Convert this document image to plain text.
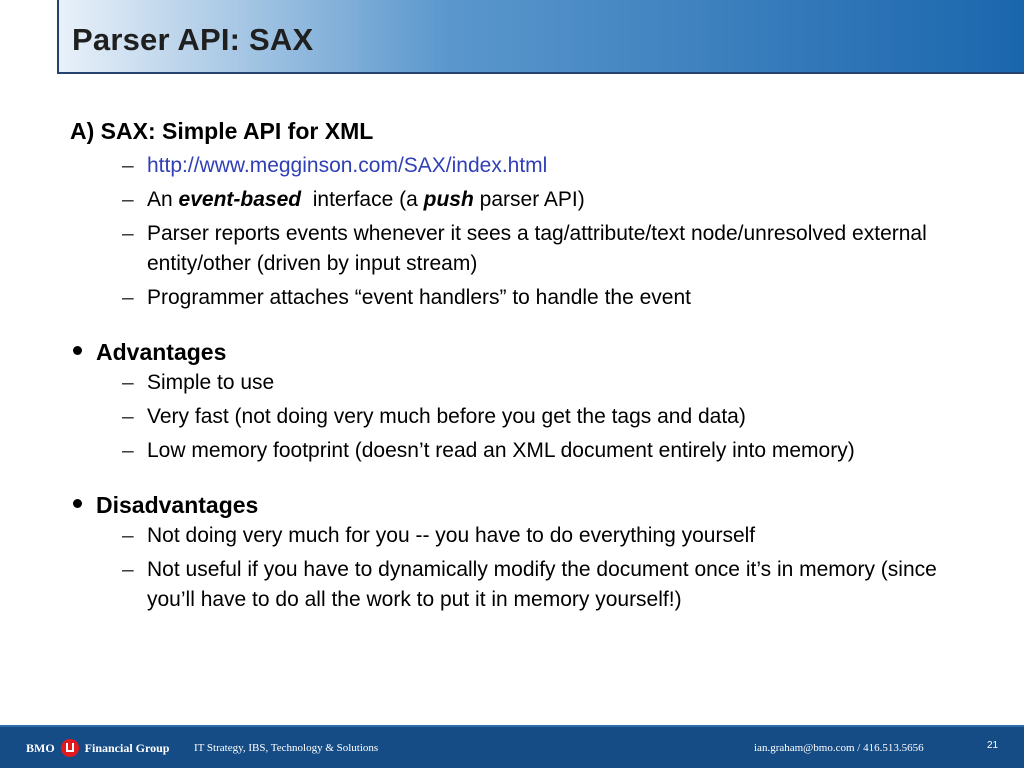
Parser API: SAX
A) SAX: Simple API for XML
– http://www.megginson.com/SAX/index.html
– An event-based interface (a push parser API)
– Parser reports events whenever it sees a tag/attribute/text node/unresolved external entity/other (driven by input stream)
– Programmer attaches “event handlers” to handle the event
Advantages
– Simple to use
– Very fast (not doing very much before you get the tags and data)
– Low memory footprint (doesn’t read an XML document entirely into memory)
Disadvantages
– Not doing very much for you -- you have to do everything yourself
– Not useful if you have to dynamically modify the document once it’s in memory (since you’ll have to do all the work to put it in memory yourself!)
BMO	Financial Group IT Strategy, IBS, Technology & Solutions	ian.graham@bmo.com / 416.513.5656	21
